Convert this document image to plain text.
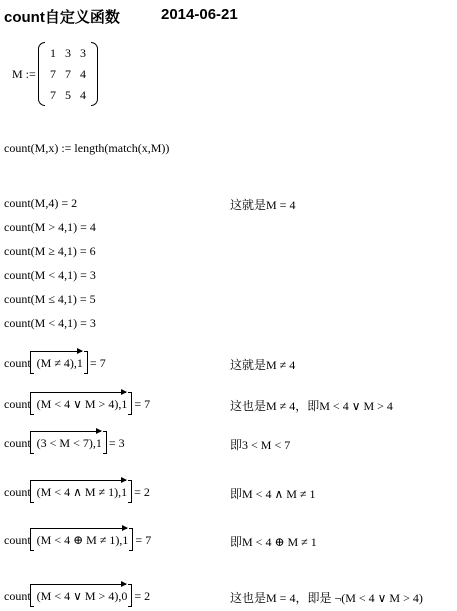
count自定义函数	2014-06-21
M :=
1 3 3
7 7 4
7 5 4
count(M,x) := length(match(x,M))
count(M,4) = 2	这就是M = 4
count(M > 4,1) = 4
count(M ≥ 4,1) = 6
count(M < 4,1) = 3
count(M ≤ 4,1) = 5
count(M < 4,1) = 3
count (M ≠ 4),1
= 7	这就是M ≠ 4
count (M < 4 ∨ M > 4),1
= 7	这也是M ≠ 4，即M < 4 ∨ M > 4
count (3 < M < 7),1
= 3	即3 < M < 7
count (M < 4 ∧ M ≠ 1),1
= 2	即M < 4 ∧ M ≠ 1
count (M < 4 ⊕ M ≠ 1),1
= 7	即M < 4 ⊕ M ≠ 1
count (M < 4 ∨ M > 4),0
= 2	这也是M = 4，即是 ¬(M < 4 ∨ M > 4)
